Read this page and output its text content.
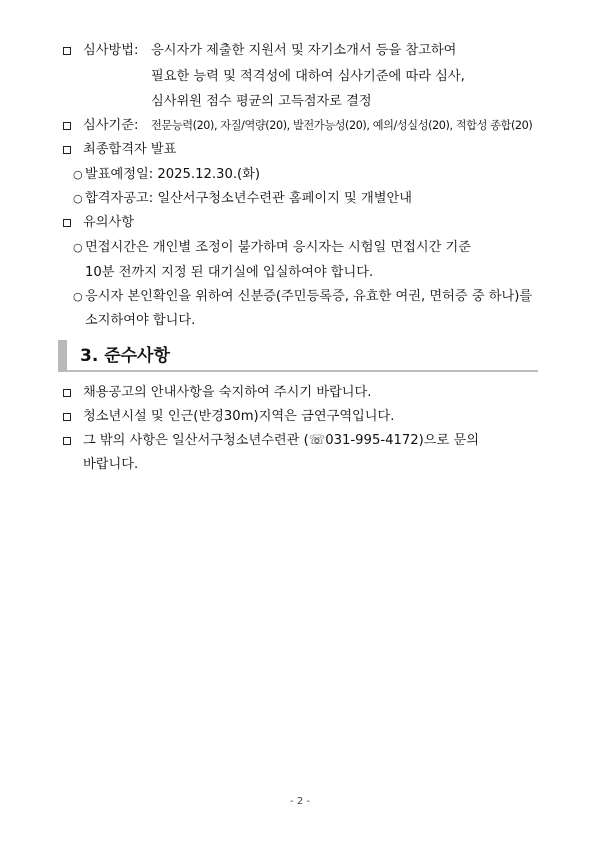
심사방법: 응시자가 제출한 지원서 및 자기소개서 등을 참고하여
필요한 능력 및 적격성에 대하여 심사기준에 따라 심사,
심사위원 점수 평균의 고득점자로 결정
심사기준: 전문능력(20), 자질/역량(20), 발전가능성(20), 예의/성실성(20), 적합성 종합(20)
최종합격자 발표
○ 발표예정일: 2025.12.30.(화)
○ 합격자공고: 일산서구청소년수련관 홈페이지 및 개별안내
유의사항
○ 면접시간은 개인별 조정이 불가하며 응시자는 시험일 면접시간 기준
10분 전까지 지정 된 대기실에 입실하여야 합니다.
○ 응시자 본인확인을 위하여 신분증(주민등록증, 유효한 여권, 면허증 중 하나)를
소지하여야 합니다.
3. 준수사항
채용공고의 안내사항을 숙지하여 주시기 바랍니다.
청소년시설 및 인근(반경30m)지역은 금연구역입니다.
그 밖의 사항은 일산서구청소년수련관 (☏031-995-4172)으로 문의
바랍니다.
- 2 -
